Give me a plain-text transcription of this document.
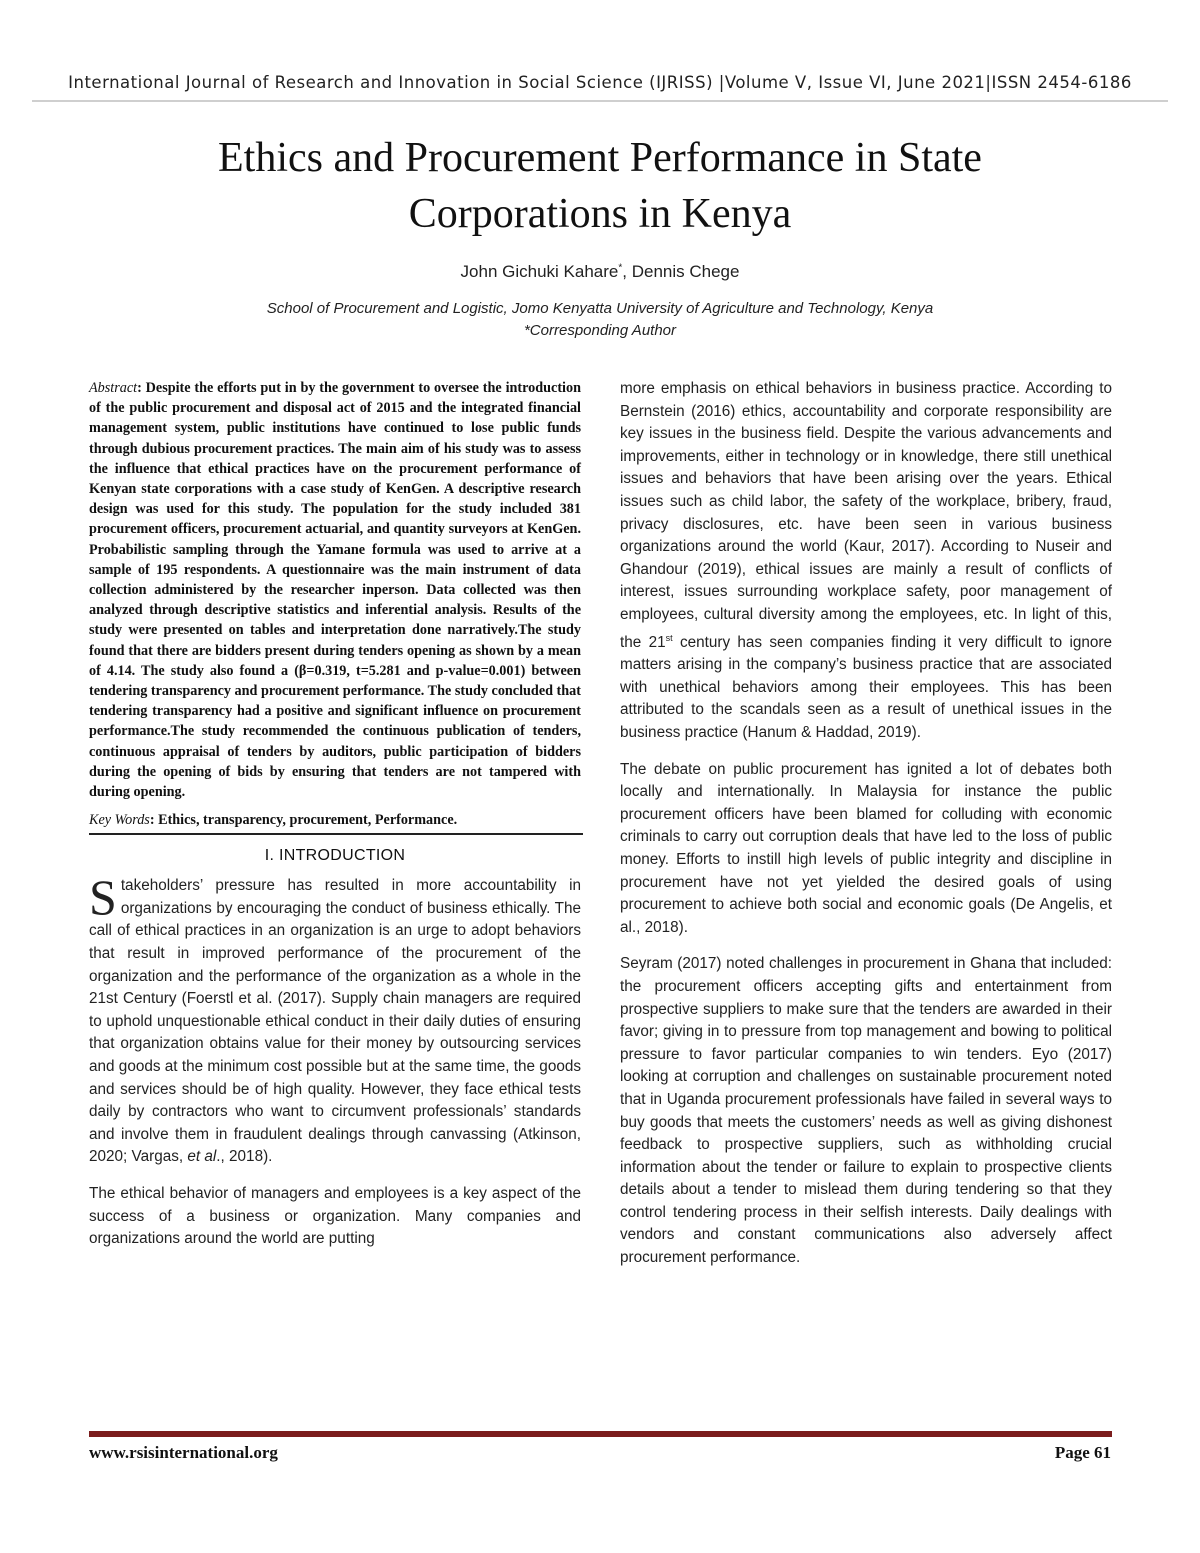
International Journal of Research and Innovation in Social Science (IJRISS) |Volume V, Issue VI, June 2021|ISSN 2454-6186
Ethics and Procurement Performance in State
Corporations in Kenya
John Gichuki Kahare*, Dennis Chege
School of Procurement and Logistic, Jomo Kenyatta University of Agriculture and Technology, Kenya
*Corresponding Author

Abstract: Despite the efforts put in by the government to oversee the introduction of the public procurement and disposal act of 2015 and the integrated financial management system, public institutions have continued to lose public funds through dubious procurement practices. The main aim of his study was to assess the influence that ethical practices have on the procurement performance of Kenyan state corporations with a case study of KenGen. A descriptive research design was used for this study. The population for the study included 381 procurement officers, procurement actuarial, and quantity surveyors at KenGen. Probabilistic sampling through the Yamane formula was used to arrive at a sample of 195 respondents. A questionnaire was the main instrument of data collection administered by the researcher inperson. Data collected was then analyzed through descriptive statistics and inferential analysis. Results of the study were presented on tables and interpretation done narratively.The study found that there are bidders present during tenders opening as shown by a mean of 4.14. The study also found a (β=0.319, t=5.281 and p-value=0.001) between tendering transparency and procurement performance. The study concluded that tendering transparency had a positive and significant influence on procurement performance.The study recommended the continuous publication of tenders, continuous appraisal of tenders by auditors, public participation of bidders during the opening of bids by ensuring that tenders are not tampered with during opening.

Key Words: Ethics, transparency, procurement, Performance.

I. INTRODUCTION

Stakeholders’ pressure has resulted in more accountability in organizations by encouraging the conduct of business ethically. The call of ethical practices in an organization is an urge to adopt behaviors that result in improved performance of the procurement of the organization and the performance of the organization as a whole in the 21st Century (Foerstl et al. (2017). Supply chain managers are required to uphold unquestionable ethical conduct in their daily duties of ensuring that organization obtains value for their money by outsourcing services and goods at the minimum cost possible but at the same time, the goods and services should be of high quality. However, they face ethical tests daily by contractors who want to circumvent professionals’ standards and involve them in fraudulent dealings through canvassing (Atkinson, 2020; Vargas, et al., 2018).

The ethical behavior of managers and employees is a key aspect of the success of a business or organization. Many companies and organizations around the world are putting

more emphasis on ethical behaviors in business practice. According to Bernstein (2016) ethics, accountability and corporate responsibility are key issues in the business field. Despite the various advancements and improvements, either in technology or in knowledge, there still unethical issues and behaviors that have been arising over the years. Ethical issues such as child labor, the safety of the workplace, bribery, fraud, privacy disclosures, etc. have been seen in various business organizations around the world (Kaur, 2017). According to Nuseir and Ghandour (2019), ethical issues are mainly a result of conflicts of interest, issues surrounding workplace safety, poor management of employees, cultural diversity among the employees, etc. In light of this, the 21st century has seen companies finding it very difficult to ignore matters arising in the company’s business practice that are associated with unethical behaviors among their employees. This has been attributed to the scandals seen as a result of unethical issues in the business practice (Hanum & Haddad, 2019).

The debate on public procurement has ignited a lot of debates both locally and internationally. In Malaysia for instance the public procurement officers have been blamed for colluding with economic criminals to carry out corruption deals that have led to the loss of public money. Efforts to instill high levels of public integrity and discipline in procurement have not yet yielded the desired goals of using procurement to achieve both social and economic goals (De Angelis, et al., 2018).

Seyram (2017) noted challenges in procurement in Ghana that included: the procurement officers accepting gifts and entertainment from prospective suppliers to make sure that the tenders are awarded in their favor; giving in to pressure from top management and bowing to political pressure to favor particular companies to win tenders. Eyo (2017) looking at corruption and challenges on sustainable procurement noted that in Uganda procurement professionals have failed in several ways to buy goods that meets the customers’ needs as well as giving dishonest feedback to prospective suppliers, such as withholding crucial information about the tender or failure to explain to prospective clients details about a tender to mislead them during tendering so that they control tendering process in their selfish interests. Daily dealings with vendors and constant communications also adversely affect procurement performance.

www.rsisinternational.org	Page 61
